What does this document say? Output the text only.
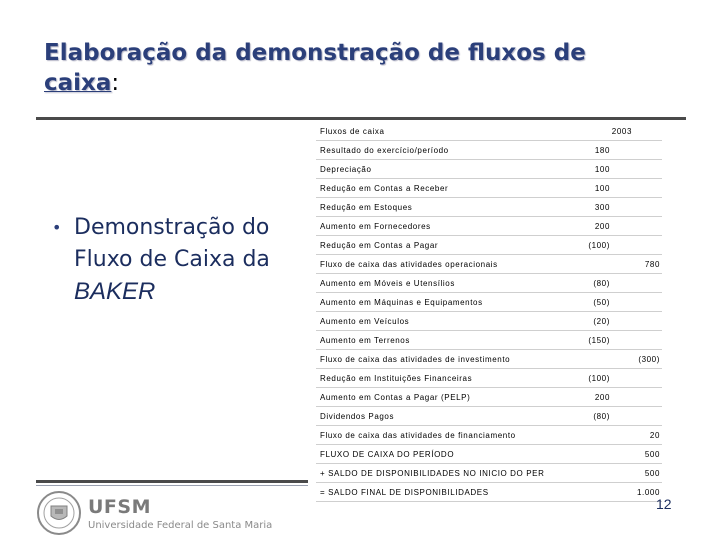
Elaboração da demonstração de fluxos de
caixa:
• Demonstração do
Fluxo de Caixa da
BAKER
Fluxos de caixa	2003
Resultado do exercício/período	180
Depreciação	100
Redução em Contas a Receber	100
Redução em Estoques	300
Aumento em Fornecedores	200
Redução em Contas a Pagar	(100)
Fluxo de caixa das atividades operacionais	780
Aumento em Móveis e Utensílios	(80)
Aumento em Máquinas e Equipamentos	(50)
Aumento em Veículos	(20)
Aumento em Terrenos	(150)
Fluxo de caixa das atividades de investimento	(300)
Redução em Instituições Financeiras	(100)
Aumento em Contas a Pagar (PELP)	200
Dividendos Pagos	(80)
Fluxo de caixa das atividades de financiamento	20
FLUXO DE CAIXA DO PERÍODO	500
+ SALDO DE DISPONIBILIDADES NO INICIO DO PER	500
= SALDO FINAL DE DISPONIBILIDADES	1.000
UFSM
Universidade Federal de Santa Maria
12
